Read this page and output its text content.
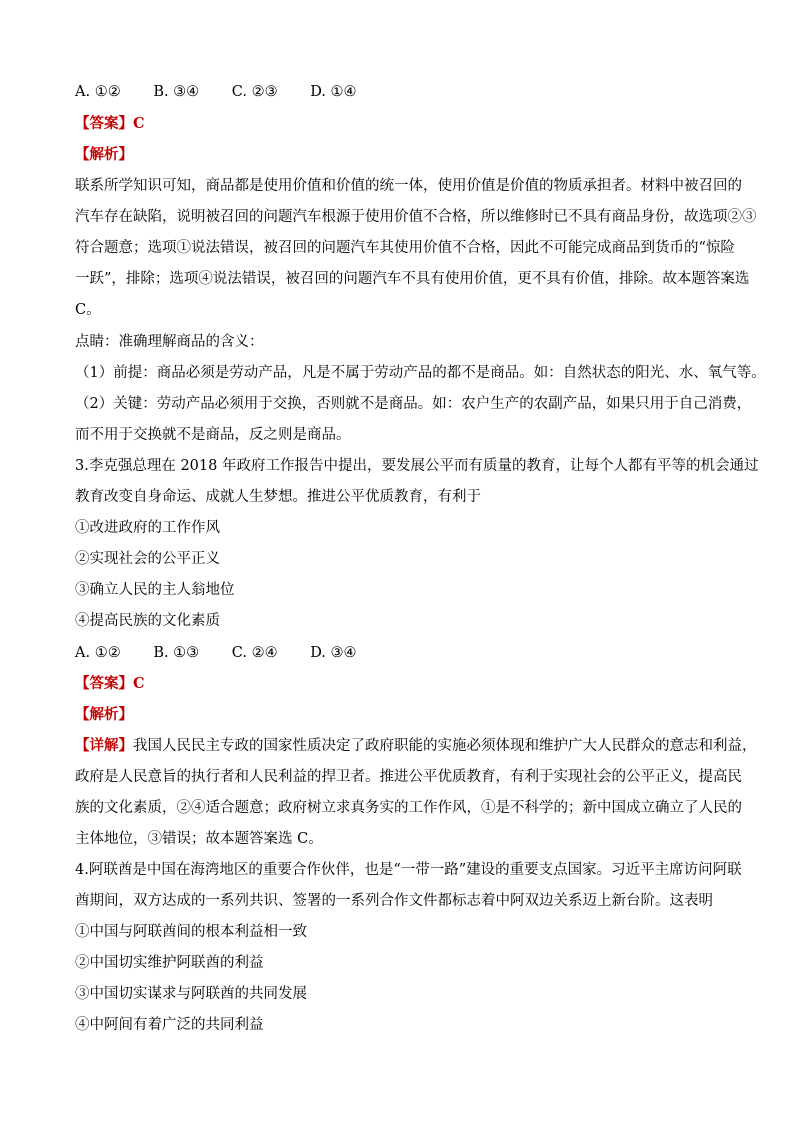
A. ①② B. ③④ C. ②③ D. ①④
【答案】C
【解析】
联系所学知识可知，商品都是使用价值和价值的统一体，使用价值是价值的物质承担者。材料中被召回的
汽车存在缺陷，说明被召回的问题汽车根源于使用价值不合格，所以维修时已不具有商品身份，故选项②③
符合题意；选项①说法错误，被召回的问题汽车其使用价值不合格，因此不可能完成商品到货币的“惊险
一跃”，排除；选项④说法错误，被召回的问题汽车不具有使用价值，更不具有价值，排除。故本题答案选
C。
点睛：准确理解商品的含义：
（1）前提：商品必须是劳动产品，凡是不属于劳动产品的都不是商品。如：自然状态的阳光、水、氧气等。
（2）关键：劳动产品必须用于交换，否则就不是商品。如：农户生产的农副产品，如果只用于自己消费，
而不用于交换就不是商品，反之则是商品。
3.李克强总理在 2018 年政府工作报告中提出，要发展公平而有质量的教育，让每个人都有平等的机会通过
教育改变自身命运、成就人生梦想。推进公平优质教育，有利于
①改进政府的工作作风
②实现社会的公平正义
③确立人民的主人翁地位
④提高民族的文化素质
A. ①② B. ①③ C. ②④ D. ③④
【答案】C
【解析】
【详解】我国人民民主专政的国家性质决定了政府职能的实施必须体现和维护广大人民群众的意志和利益，
政府是人民意旨的执行者和人民利益的捍卫者。推进公平优质教育，有利于实现社会的公平正义，提高民
族的文化素质，②④适合题意；政府树立求真务实的工作作风，①是不科学的；新中国成立确立了人民的
主体地位，③错误；故本题答案选 C。
4.阿联酋是中国在海湾地区的重要合作伙伴，也是“一带一路”建设的重要支点国家。习近平主席访问阿联
酋期间，双方达成的一系列共识、签署的一系列合作文件都标志着中阿双边关系迈上新台阶。这表明
①中国与阿联酋间的根本利益相一致
②中国切实维护阿联酋的利益
③中国切实谋求与阿联酋的共同发展
④中阿间有着广泛的共同利益
